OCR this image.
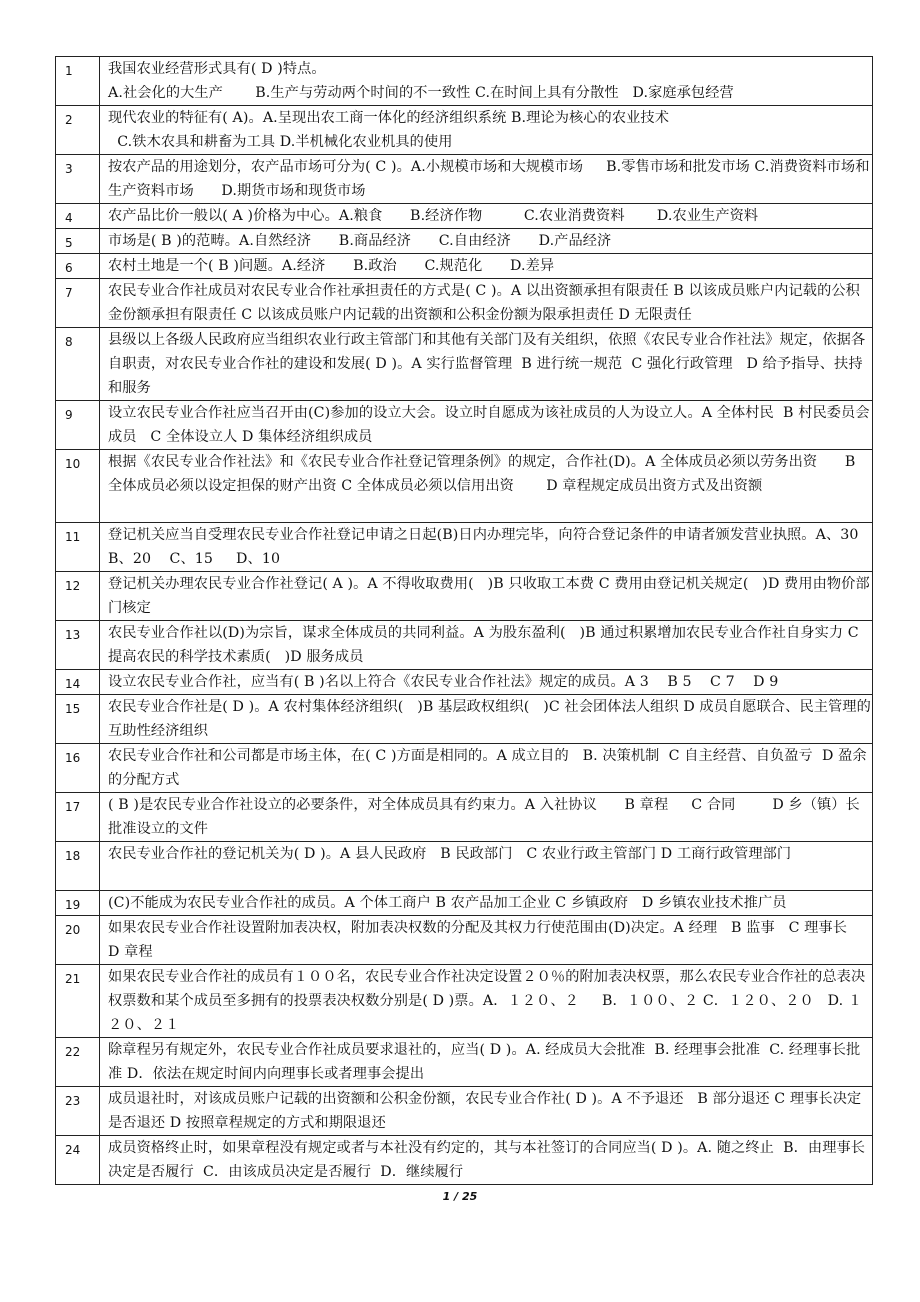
1	我国农业经营形式具有( D )特点。
A.社会化的大生产       B.生产与劳动两个时间的不一致性 C.在时间上具有分散性   D.家庭承包经营
2	现代农业的特征有( A)。A.呈现出农工商一体化的经济组织系统 B.理论为核心的农业技术
C.铁木农具和耕畜为工具 D.半机械化农业机具的使用
3	按农产品的用途划分，农产品市场可分为( C )。A.小规模市场和大规模市场     B.零售市场和批发市场 C.消费资料市场和生产资料市场      D.期货市场和现货市场
4	农产品比价一般以( A )价格为中心。A.粮食      B.经济作物         C.农业消费资料       D.农业生产资料
5	市场是( B )的范畴。A.自然经济      B.商品经济      C.自由经济      D.产品经济
6	农村土地是一个( B )问题。A.经济      B.政治      C.规范化      D.差异
7	农民专业合作社成员对农民专业合作社承担责任的方式是( C )。A 以出资额承担有限责任 B 以该成员账户内记载的公积金份额承担有限责任 C 以该成员账户内记载的出资额和公积金份额为限承担责任 D 无限责任
8	县级以上各级人民政府应当组织农业行政主管部门和其他有关部门及有关组织，依照《农民专业合作社法》规定，依据各自职责，对农民专业合作社的建设和发展( D )。A 实行监督管理  B 进行统一规范  C 强化行政管理   D 给予指导、扶持和服务
9	设立农民专业合作社应当召开由(C)参加的设立大会。设立时自愿成为该社成员的人为设立人。A 全体村民  B 村民委员会成员   C 全体设立人 D 集体经济组织成员
10	根据《农民专业合作社法》和《农民专业合作社登记管理条例》的规定，合作社(D)。A 全体成员必须以劳务出资      B 全体成员必须以设定担保的财产出资 C 全体成员必须以信用出资       D 章程规定成员出资方式及出资额
11	登记机关应当自受理农民专业合作社登记申请之日起(B)日内办理完毕，向符合登记条件的申请者颁发营业执照。A、30    B、20    C、15     D、10
12	登记机关办理农民专业合作社登记( A )。A 不得收取费用(   )B 只收取工本费 C 费用由登记机关规定(   )D 费用由物价部门核定
13	农民专业合作社以(D)为宗旨，谋求全体成员的共同利益。A 为股东盈利(   )B 通过积累增加农民专业合作社自身实力 C 提高农民的科学技术素质(   )D 服务成员
14	设立农民专业合作社，应当有( B )名以上符合《农民专业合作社法》规定的成员。A 3    B 5    C 7    D 9
15	农民专业合作社是( D )。A 农村集体经济组织(   )B 基层政权组织(   )C 社会团体法人组织 D 成员自愿联合、民主管理的互助性经济组织
16	农民专业合作社和公司都是市场主体，在( C )方面是相同的。A 成立目的   B. 决策机制  C 自主经营、自负盈亏  D 盈余的分配方式
17	( B )是农民专业合作社设立的必要条件，对全体成员具有约束力。A 入社协议      B 章程     C 合同        D 乡（镇）长批准设立的文件
18	农民专业合作社的登记机关为( D )。A 县人民政府   B 民政部门   C 农业行政主管部门 D 工商行政管理部门
19	(C)不能成为农民专业合作社的成员。A 个体工商户 B 农产品加工企业 C 乡镇政府   D 乡镇农业技术推广员
20	如果农民专业合作社设置附加表决权，附加表决权数的分配及其权力行使范围由(D)决定。A 经理   B 监事   C 理事长   D 章程
21	如果农民专业合作社的成员有１００名，农民专业合作社决定设置２０％的附加表决权票，那么农民专业合作社的总表决权票数和某个成员至多拥有的投票表决权数分别是( D )票。A．１２０、２     B．１００、２ C．１２０、２０   D. １２０、２１
22	除章程另有规定外，农民专业合作社成员要求退社的，应当( D )。A. 经成员大会批准  B. 经理事会批准  C. 经理事长批准 D．依法在规定时间内向理事长或者理事会提出
23	成员退社时，对该成员账户记载的出资额和公积金份额，农民专业合作社( D )。A 不予退还   B 部分退还 C 理事长决定是否退还 D 按照章程规定的方式和期限退还
24	成员资格终止时，如果章程没有规定或者与本社没有约定的，其与本社签订的合同应当( D )。A. 随之终止  B．由理事长决定是否履行  C．由该成员决定是否履行  D．继续履行
1 / 25
